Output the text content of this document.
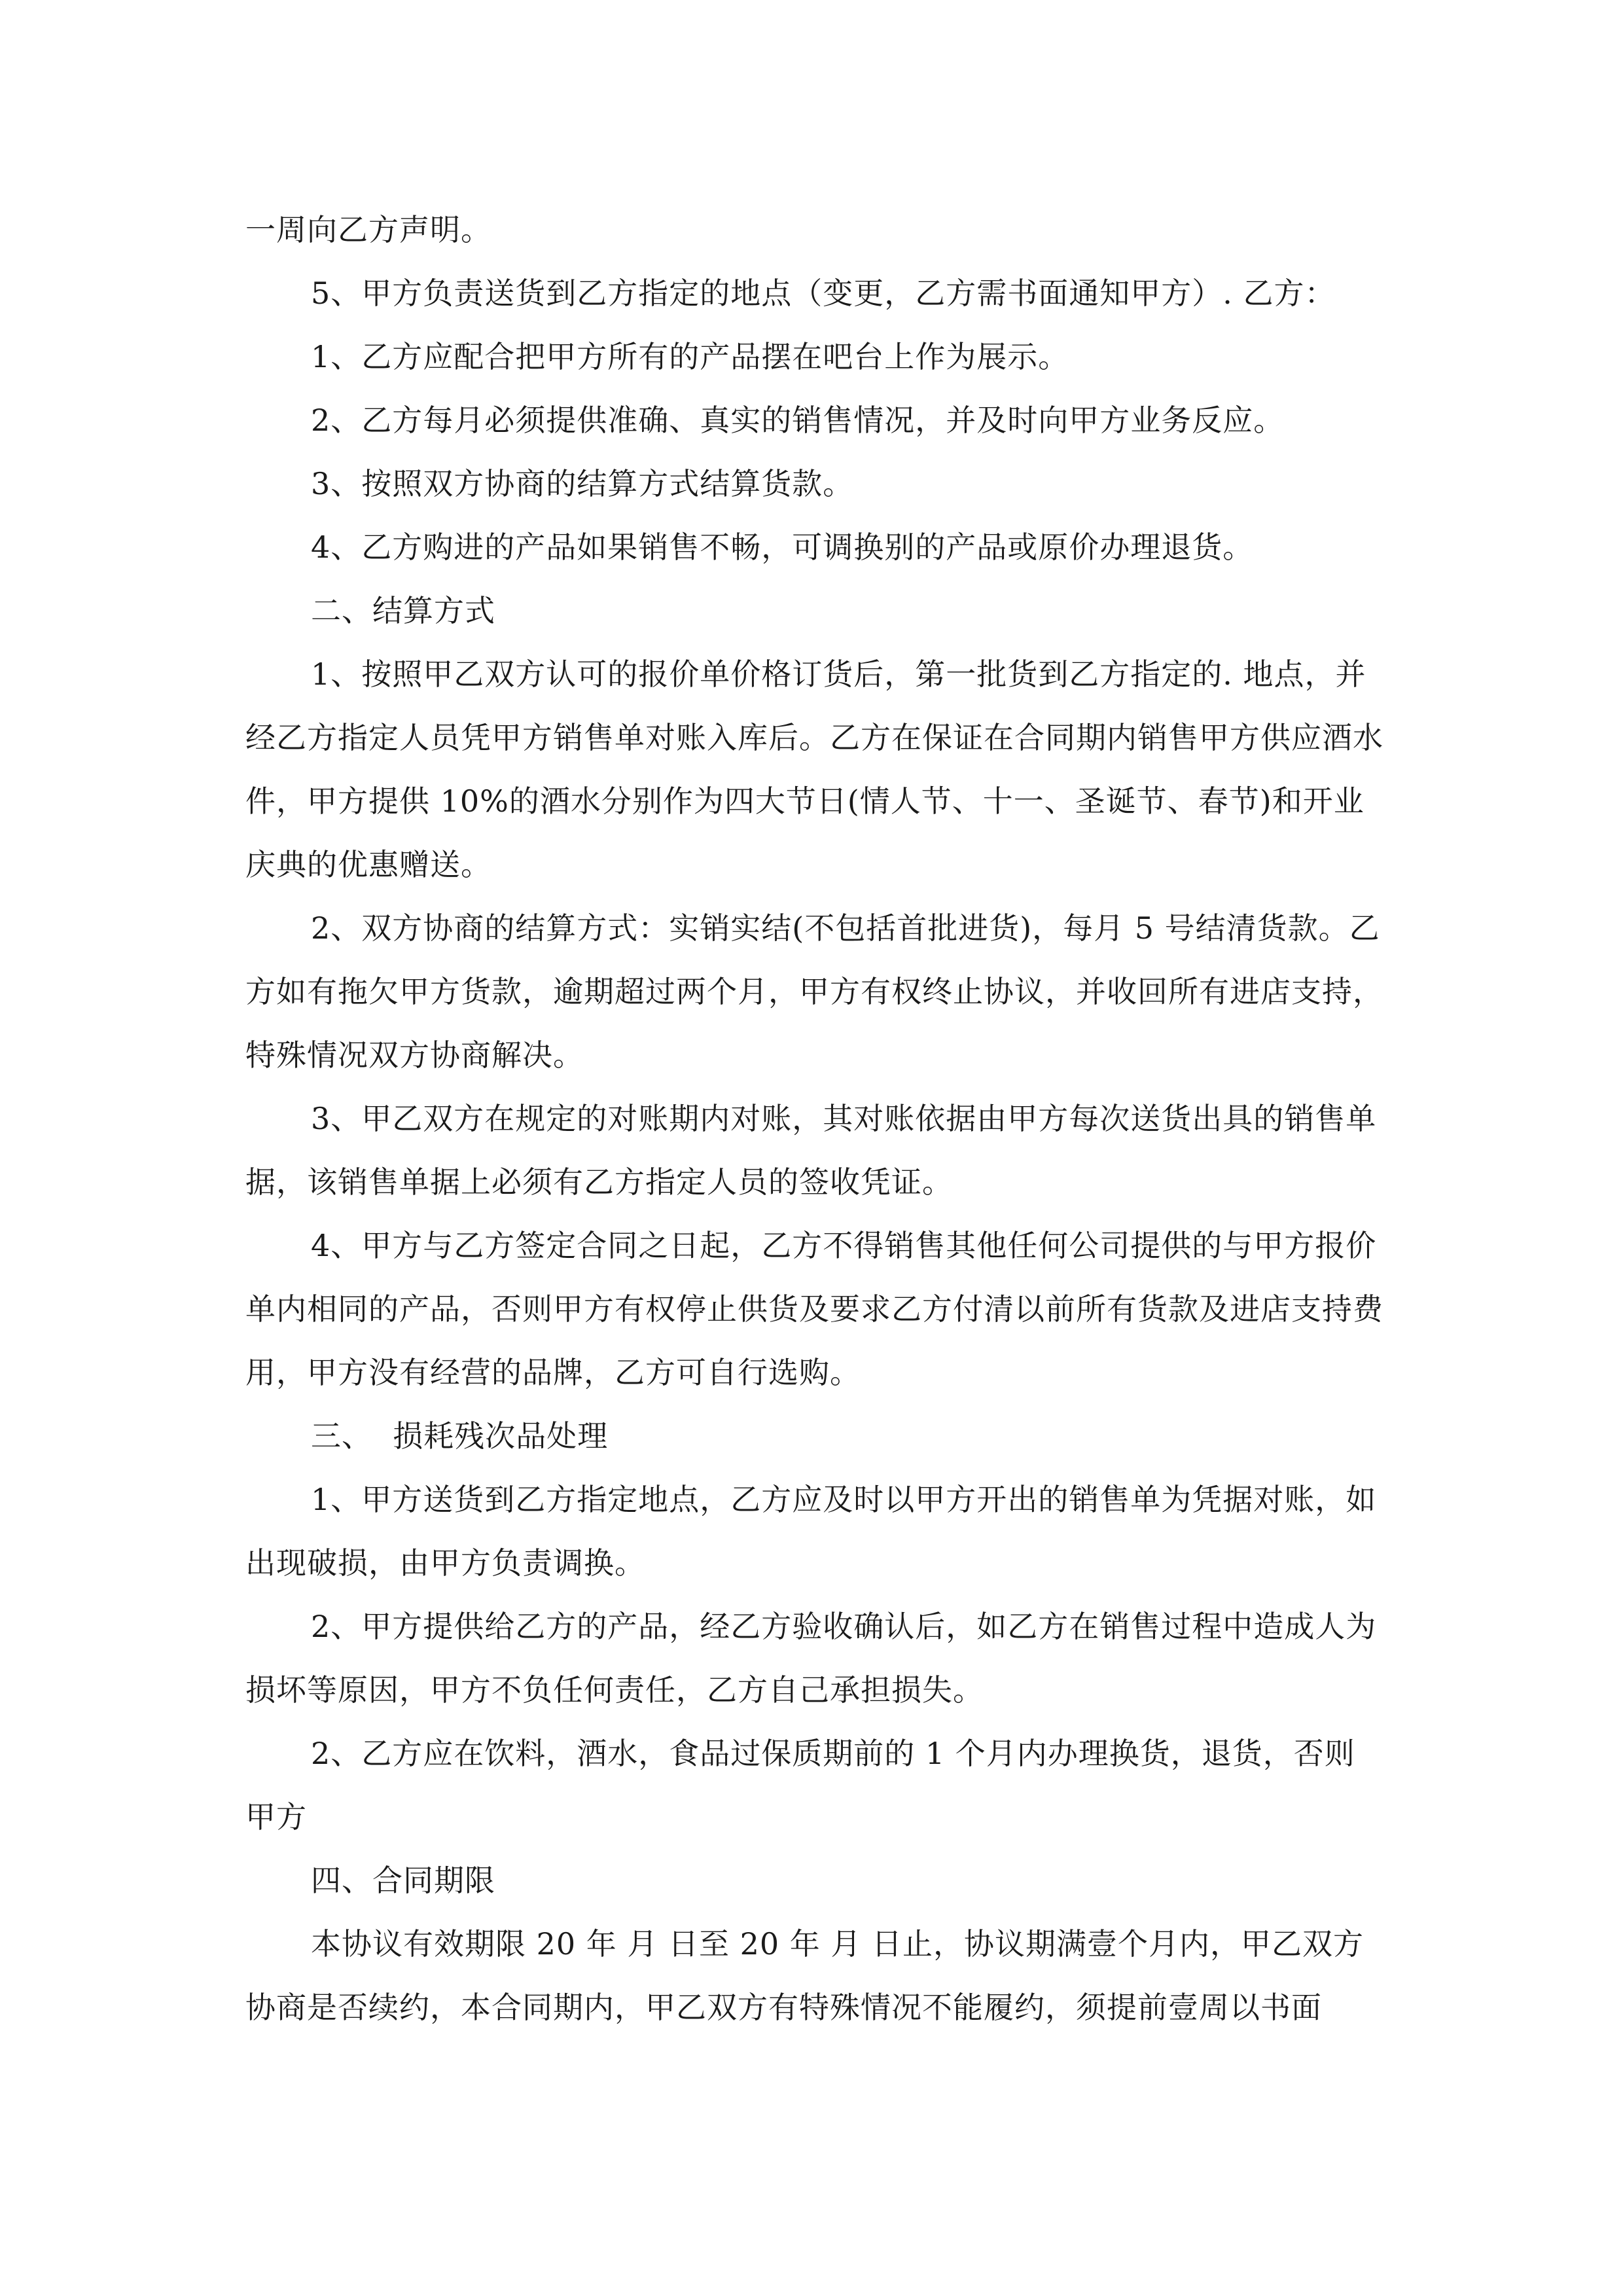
一周向乙方声明。

5、甲方负责送货到乙方指定的地点（变更，乙方需书面通知甲方）. 乙方：

1、乙方应配合把甲方所有的产品摆在吧台上作为展示。

2、乙方每月必须提供准确、真实的销售情况，并及时向甲方业务反应。

3、按照双方协商的结算方式结算货款。

4、乙方购进的产品如果销售不畅，可调换别的产品或原价办理退货。

二、结算方式

1、按照甲乙双方认可的报价单价格订货后，第一批货到乙方指定的. 地点，并经乙方指定人员凭甲方销售单对账入库后。乙方在保证在合同期内销售甲方供应酒水 件，甲方提供 10%的酒水分别作为四大节日(情人节、十一、圣诞节、春节)和开业庆典的优惠赠送。

2、双方协商的结算方式：实销实结(不包括首批进货)，每月 5 号结清货款。乙方如有拖欠甲方货款，逾期超过两个月，甲方有权终止协议，并收回所有进店支持，特殊情况双方协商解决。

3、甲乙双方在规定的对账期内对账，其对账依据由甲方每次送货出具的销售单据，该销售单据上必须有乙方指定人员的签收凭证。

4、甲方与乙方签定合同之日起，乙方不得销售其他任何公司提供的与甲方报价单内相同的产品，否则甲方有权停止供货及要求乙方付清以前所有货款及进店支持费用，甲方没有经营的品牌，乙方可自行选购。

三、  损耗残次品处理

1、甲方送货到乙方指定地点，乙方应及时以甲方开出的销售单为凭据对账，如出现破损，由甲方负责调换。

2、甲方提供给乙方的产品，经乙方验收确认后，如乙方在销售过程中造成人为损坏等原因，甲方不负任何责任，乙方自己承担损失。

2、乙方应在饮料，酒水，食品过保质期前的 1 个月内办理换货，退货，否则甲方

四、合同期限

本协议有效期限 20 年 月 日至 20 年 月 日止，协议期满壹个月内，甲乙双方协商是否续约，本合同期内，甲乙双方有特殊情况不能履约，须提前壹周以书面
